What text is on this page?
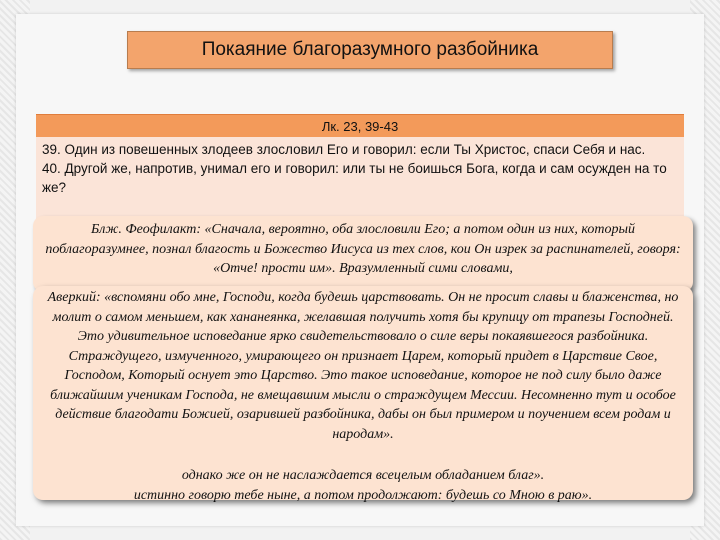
Покаяние благоразумного разбойника
Лк. 23, 39-43

39. Один из повешенных злодеев злословил Его и говорил: если Ты Христос, спаси Себя и нас.

40. Другой же, напротив, унимал его и говорил: или ты не боишься Бога, когда и сам осужден на то же?

Блж. Феофилакт: «Сначала, вероятно, оба злословили Его; а потом один из них, который поблагоразумнее, познал благость и Божество Иисуса из тех слов, кои Он изрек за распинателей, говоря: «Отче! прости им». Вразумленный сими словами,
Аверкий: «вспомяни обо мне, Господи, когда будешь царствовать. Он не просит славы и блаженства, но молит о самом меньшем, как хананеянка, желавшая получить хотя бы крупицу от трапезы Господней. Это удивительное исповедание ярко свидетельствовало о силе веры покаявшегося разбойника. Страждущего, измученного, умирающего он признает Царем, который придет в Царствие Свое, Господом, Который оснует это Царство. Это такое исповедание, которое не под силу было даже ближайшим ученикам Господа, не вмещавшим мысли о страждущем Мессии. Несомненно тут и особое действие благодати Божией, озарившей разбойника, дабы он был примером и поучением всем родам и народам».
однако же он не наслаждается всецелым обладанием благ».
истинно говорю тебе ныне, а потом продолжают: будешь со Мною в раю».
